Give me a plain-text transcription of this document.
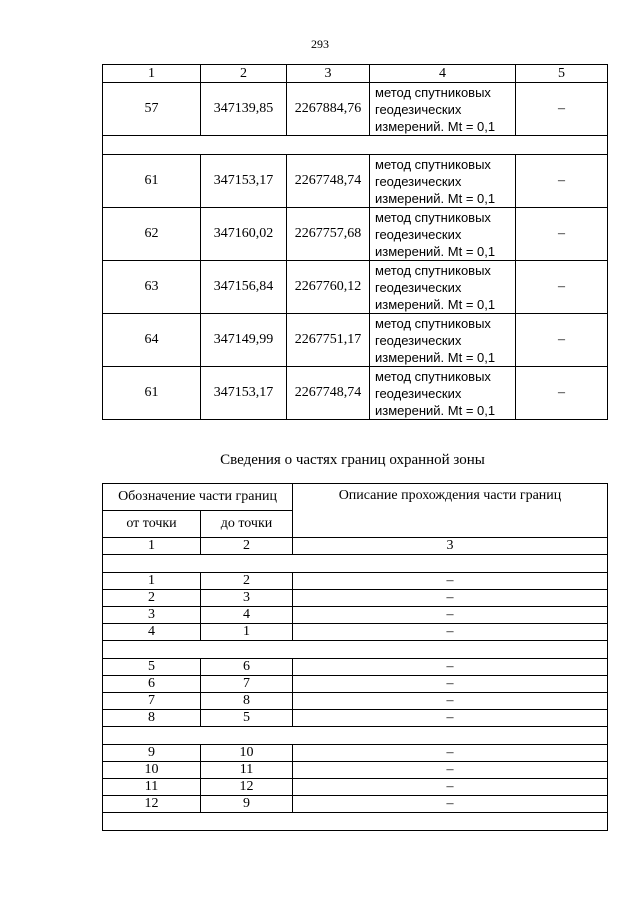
293
1	2	3	4	5
57	347139,85	2267884,76	метод спутниковых
геодезических
измерений. Mt = 0,1	–

61	347153,17	2267748,74	метод спутниковых
геодезических
измерений. Mt = 0,1	–
62	347160,02	2267757,68	метод спутниковых
геодезических
измерений. Mt = 0,1	–
63	347156,84	2267760,12	метод спутниковых
геодезических
измерений. Mt = 0,1	–
64	347149,99	2267751,17	метод спутниковых
геодезических
измерений. Mt = 0,1	–
61	347153,17	2267748,74	метод спутниковых
геодезических
измерений. Mt = 0,1	–
Сведения о частях границ охранной зоны
Обозначение части границ		Описание прохождения части границ
от точки	до точки	
1	2	3

1	2	–
2	3	–
3	4	–
4	1	–

5	6	–
6	7	–
7	8	–
8	5	–

9	10	–
10	11	–
11	12	–
12	9	–
